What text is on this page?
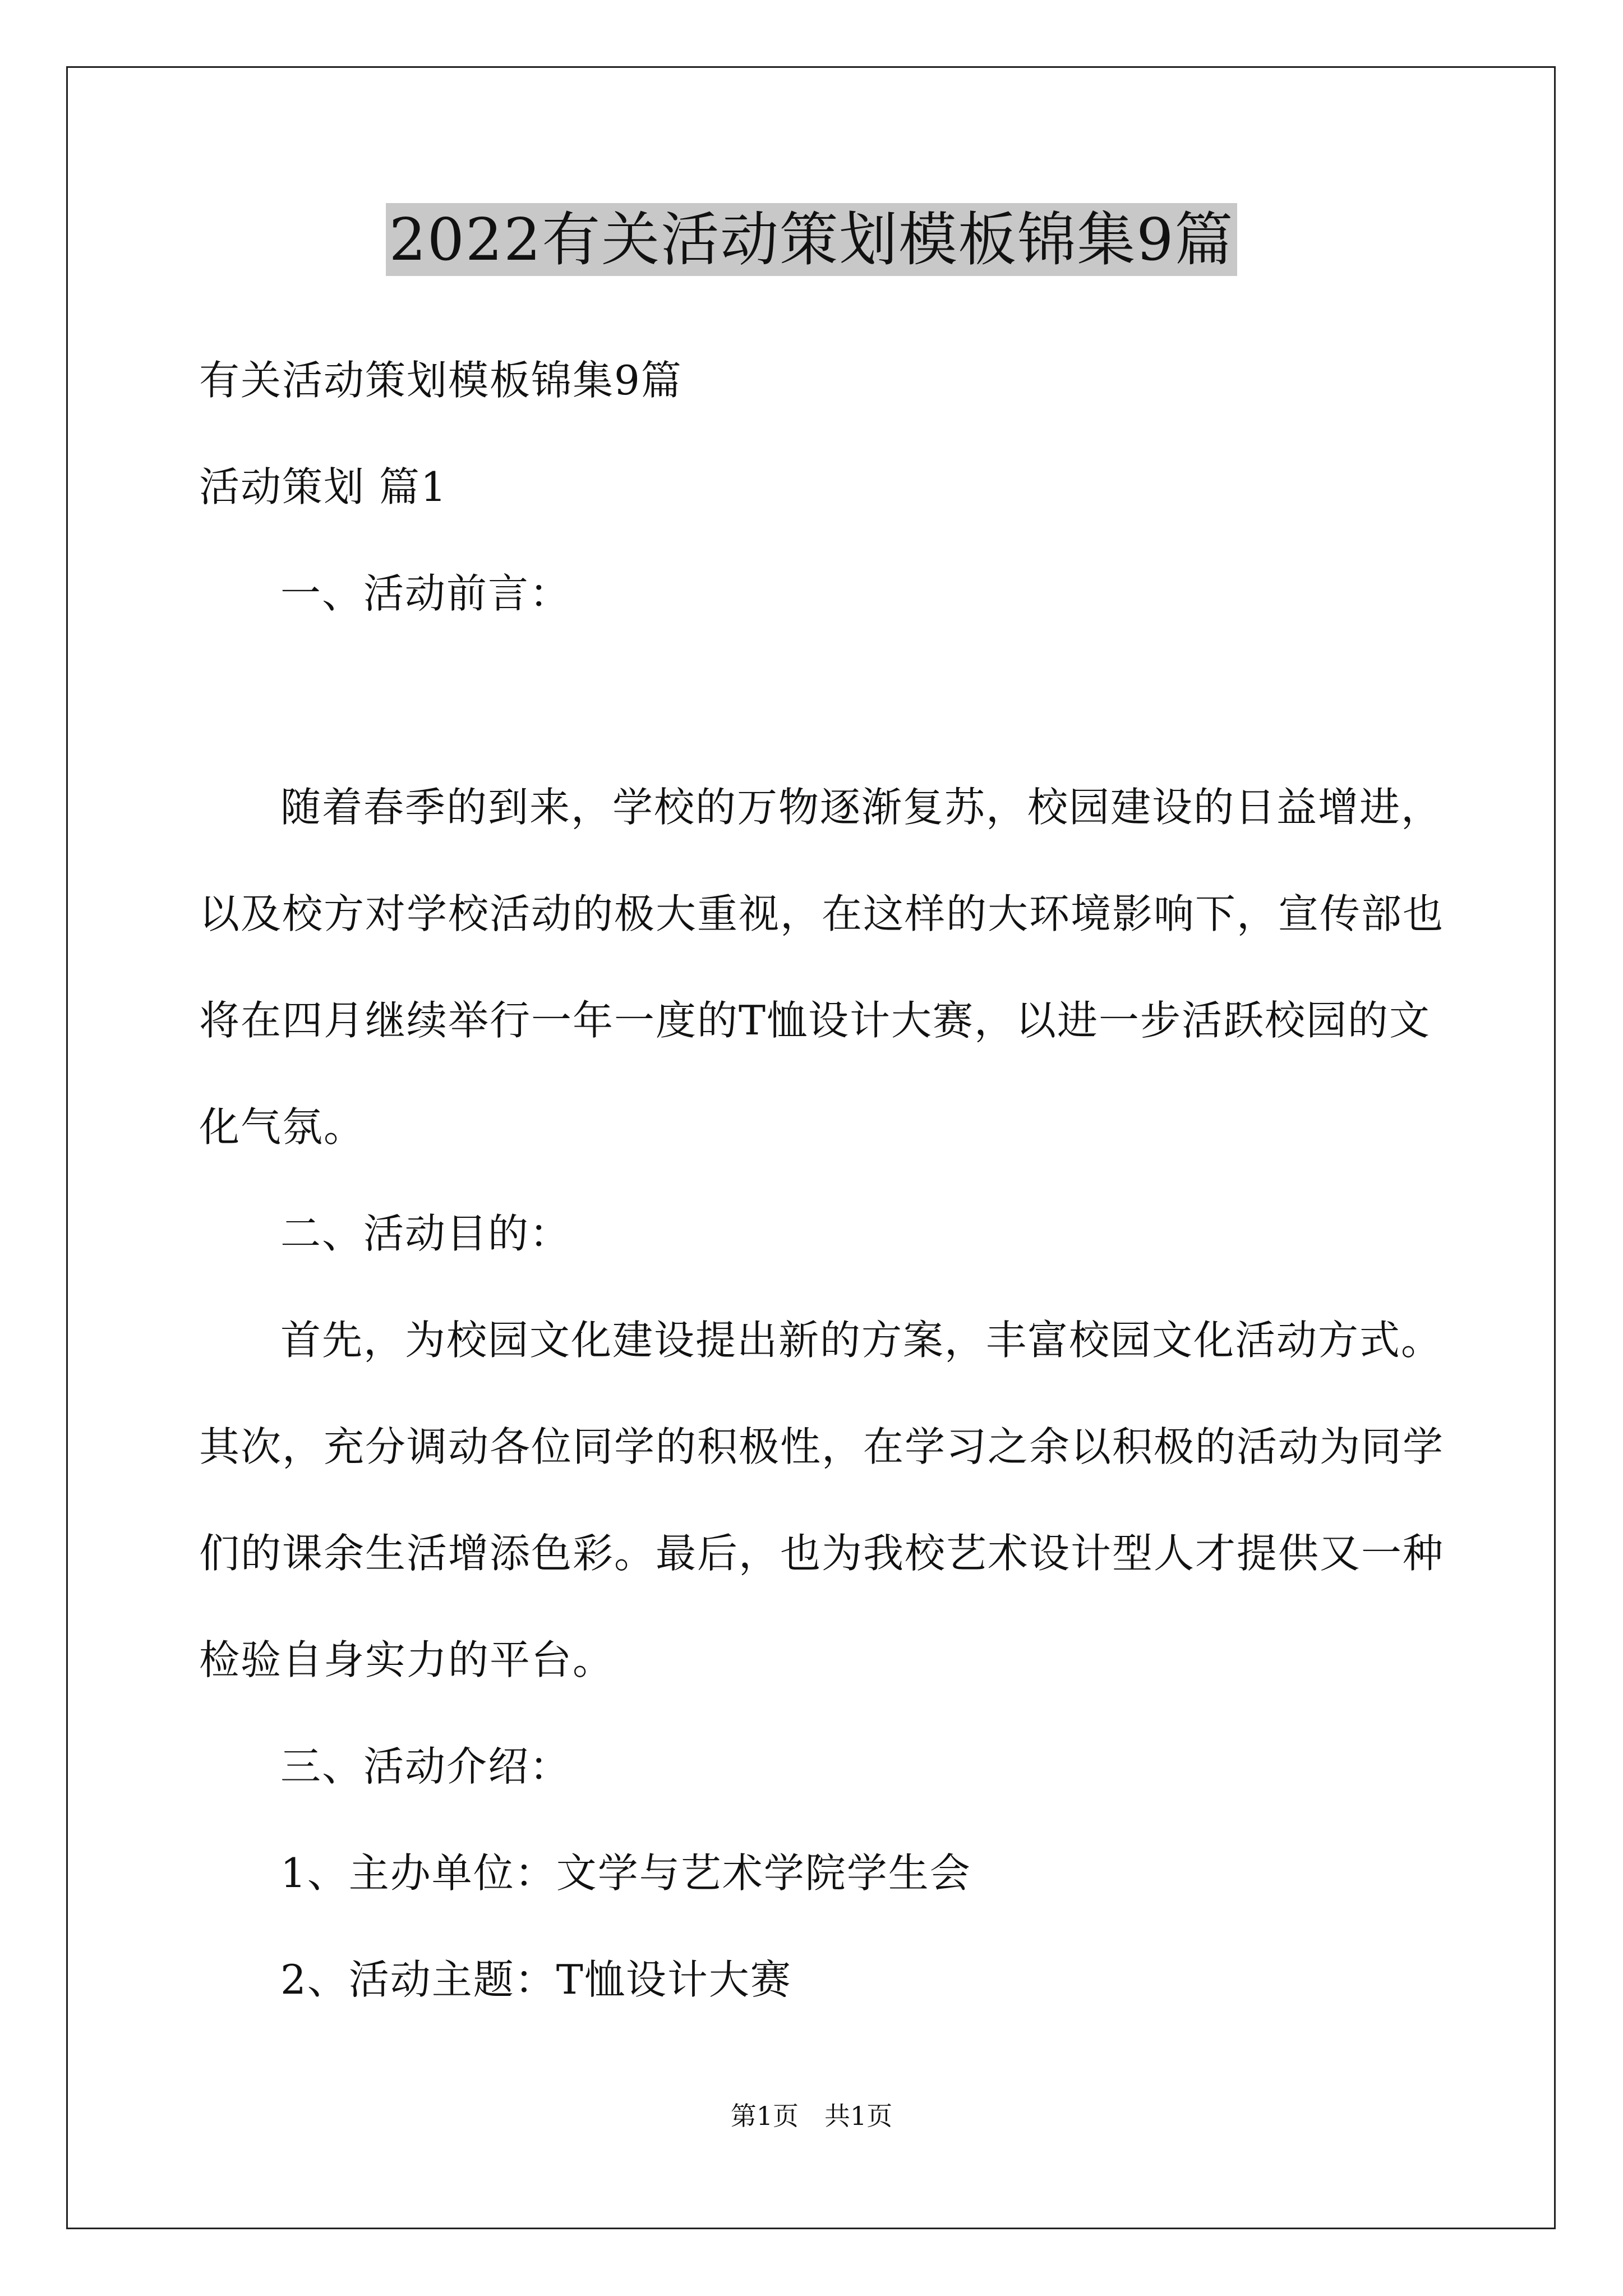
2022有关活动策划模板锦集9篇
有关活动策划模板锦集9篇
活动策划 篇1
一、活动前言：
随着春季的到来，学校的万物逐渐复苏，校园建设的日益增进，
以及校方对学校活动的极大重视，在这样的大环境影响下，宣传部也
将在四月继续举行一年一度的T恤设计大赛，以进一步活跃校园的文
化气氛。
二、活动目的：
首先，为校园文化建设提出新的方案，丰富校园文化活动方式。
其次，充分调动各位同学的积极性，在学习之余以积极的活动为同学
们的课余生活增添色彩。最后，也为我校艺术设计型人才提供又一种
检验自身实力的平台。
三、活动介绍：
1、主办单位：文学与艺术学院学生会
2、活动主题：T恤设计大赛
第1页　共1页
